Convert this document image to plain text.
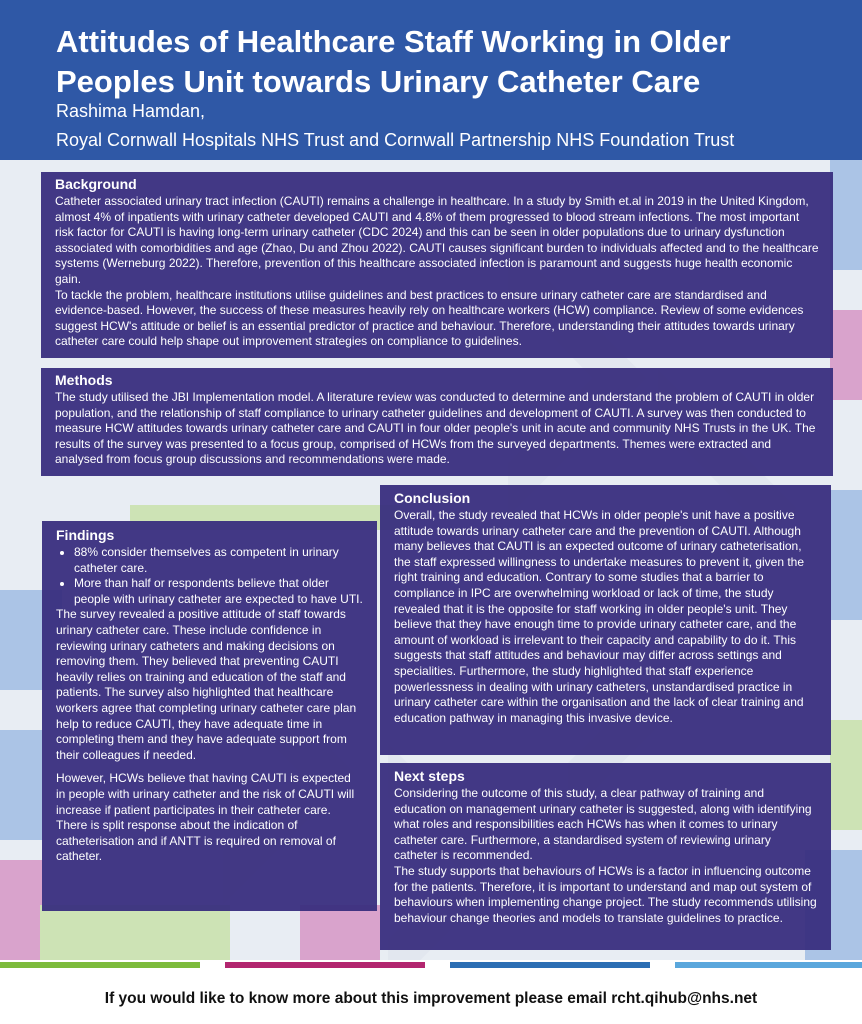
Attitudes of Healthcare Staff Working in Older
Peoples Unit towards Urinary Catheter Care
Rashima Hamdan,
Royal Cornwall Hospitals NHS Trust and Cornwall Partnership NHS Foundation Trust
Background

Catheter associated urinary tract infection (CAUTI) remains a challenge in healthcare. In a study by Smith et.al in 2019 in the United Kingdom, almost 4% of inpatients with urinary catheter developed CAUTI and 4.8% of them progressed to blood stream infections. The most important risk factor for CAUTI is having long-term urinary catheter (CDC 2024) and this can be seen in older populations due to urinary dysfunction associated with comorbidities and age (Zhao, Du and Zhou 2022). CAUTI causes significant burden to individuals affected and to the healthcare systems (Werneburg 2022). Therefore, prevention of this healthcare associated infection is paramount and suggests huge health economic gain.

To tackle the problem, healthcare institutions utilise guidelines and best practices to ensure urinary catheter care are standardised and evidence-based. However, the success of these measures heavily rely on healthcare workers (HCW) compliance. Review of some evidences suggest HCW's attitude or belief is an essential predictor of practice and behaviour. Therefore, understanding their attitudes towards urinary catheter care could help shape out improvement strategies on compliance to guidelines.

Methods

The study utilised the JBI Implementation model. A literature review was conducted to determine and understand the problem of CAUTI in older population, and the relationship of staff compliance to urinary catheter guidelines and development of CAUTI. A survey was then conducted to measure HCW attitudes towards urinary catheter care and CAUTI in four older people's unit in acute and community NHS Trusts in the UK. The results of the survey was presented to a focus group, comprised of HCWs from the surveyed departments. Themes were extracted and analysed from focus group discussions and recommendations were made.

Findings
• 88% consider themselves as competent in urinary catheter care.
• More than half or respondents believe that older people with urinary catheter are expected to have UTI.

The survey revealed a positive attitude of staff towards urinary catheter care. These include confidence in reviewing urinary catheters and making decisions on removing them. They believed that preventing CAUTI heavily relies on training and education of the staff and patients. The survey also highlighted that healthcare workers agree that completing urinary catheter care plan help to reduce CAUTI, they have adequate time in completing them and they have adequate support from their colleagues if needed.

However, HCWs believe that having CAUTI is expected in people with urinary catheter and the risk of CAUTI will increase if patient participates in their catheter care. There is split response about the indication of catheterisation and if ANTT is required on removal of catheter.

Conclusion

Overall, the study revealed that HCWs in older people's unit have a positive attitude towards urinary catheter care and the prevention of CAUTI. Although many believes that CAUTI is an expected outcome of urinary catheterisation, the staff expressed willingness to undertake measures to prevent it, given the right training and education. Contrary to some studies that a barrier to compliance in IPC are overwhelming workload or lack of time, the study revealed that it is the opposite for staff working in older people's unit. They believe that they have enough time to provide urinary catheter care, and the amount of workload is irrelevant to their capacity and capability to do it. This suggests that staff attitudes and behaviour may differ across settings and specialities. Furthermore, the study highlighted that staff experience powerlessness in dealing with urinary catheters, unstandardised practice in urinary catheter care within the organisation and the lack of clear training and education pathway in managing this invasive device.

Next steps

Considering the outcome of this study, a clear pathway of training and education on management urinary catheter is suggested, along with identifying what roles and responsibilities each HCWs has when it comes to urinary catheter care. Furthermore, a standardised system of reviewing urinary catheter is recommended.

The study supports that behaviours of HCWs is a factor in influencing outcome for the patients. Therefore, it is important to understand and map out system of behaviours when implementing change project. The study recommends utilising behaviour change theories and models to translate guidelines to practice.

If you would like to know more about this improvement please email rcht.qihub@nhs.net
